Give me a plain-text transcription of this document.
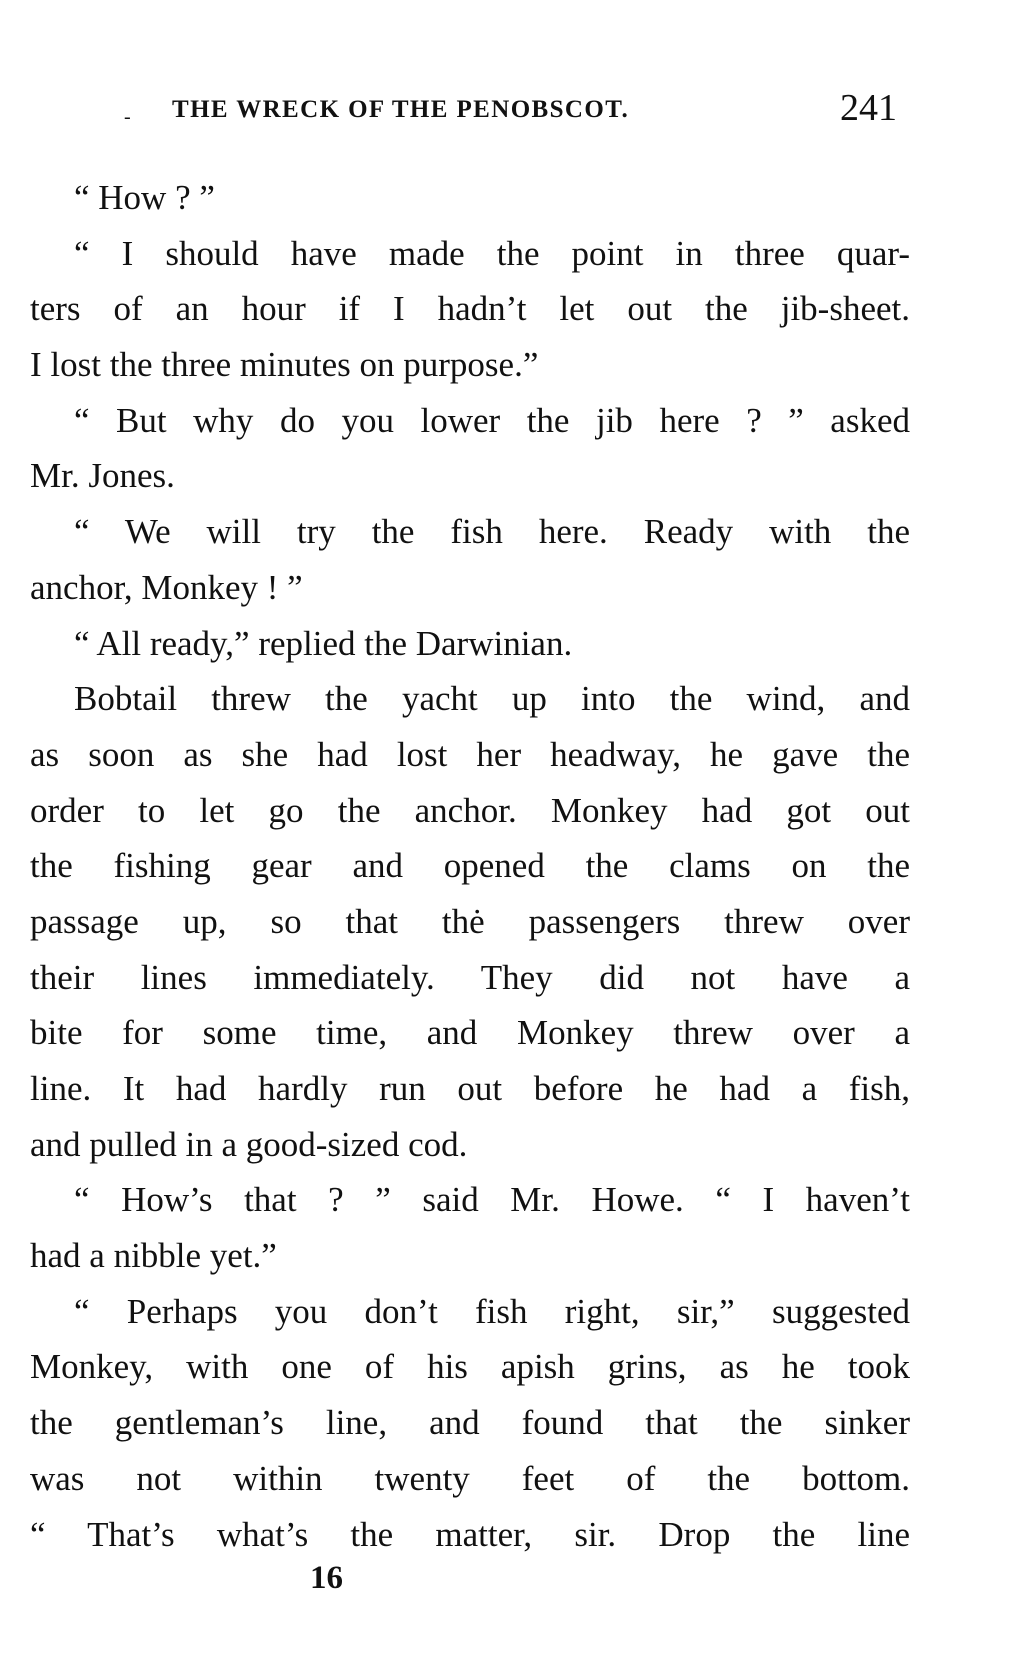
- THE WRECK OF THE PENOBSCOT.	241
“ How ? ”
“ I should have made the point in three quar-
ters of an hour if I hadn’t let out the jib-sheet.
I lost the three minutes on purpose.”
“ But why do you lower the jib here ? ” asked
Mr. Jones.
“ We will try the fish here. Ready with the
anchor, Monkey ! ”
“ All ready,” replied the Darwinian.
Bobtail threw the yacht up into the wind, and
as soon as she had lost her headway, he gave the
order to let go the anchor. Monkey had got out
the fishing gear and opened the clams on the
passage up, so that thė passengers threw over
their lines immediately. They did not have a
bite for some time, and Monkey threw over a
line. It had hardly run out before he had a fish,
and pulled in a good-sized cod.
“ How’s that ? ” said Mr. Howe. “ I haven’t
had a nibble yet.”
“ Perhaps you don’t fish right, sir,” suggested
Monkey, with one of his apish grins, as he took
the gentleman’s line, and found that the sinker
was not within twenty feet of the bottom.
“ That’s what’s the matter, sir. Drop the line
16
